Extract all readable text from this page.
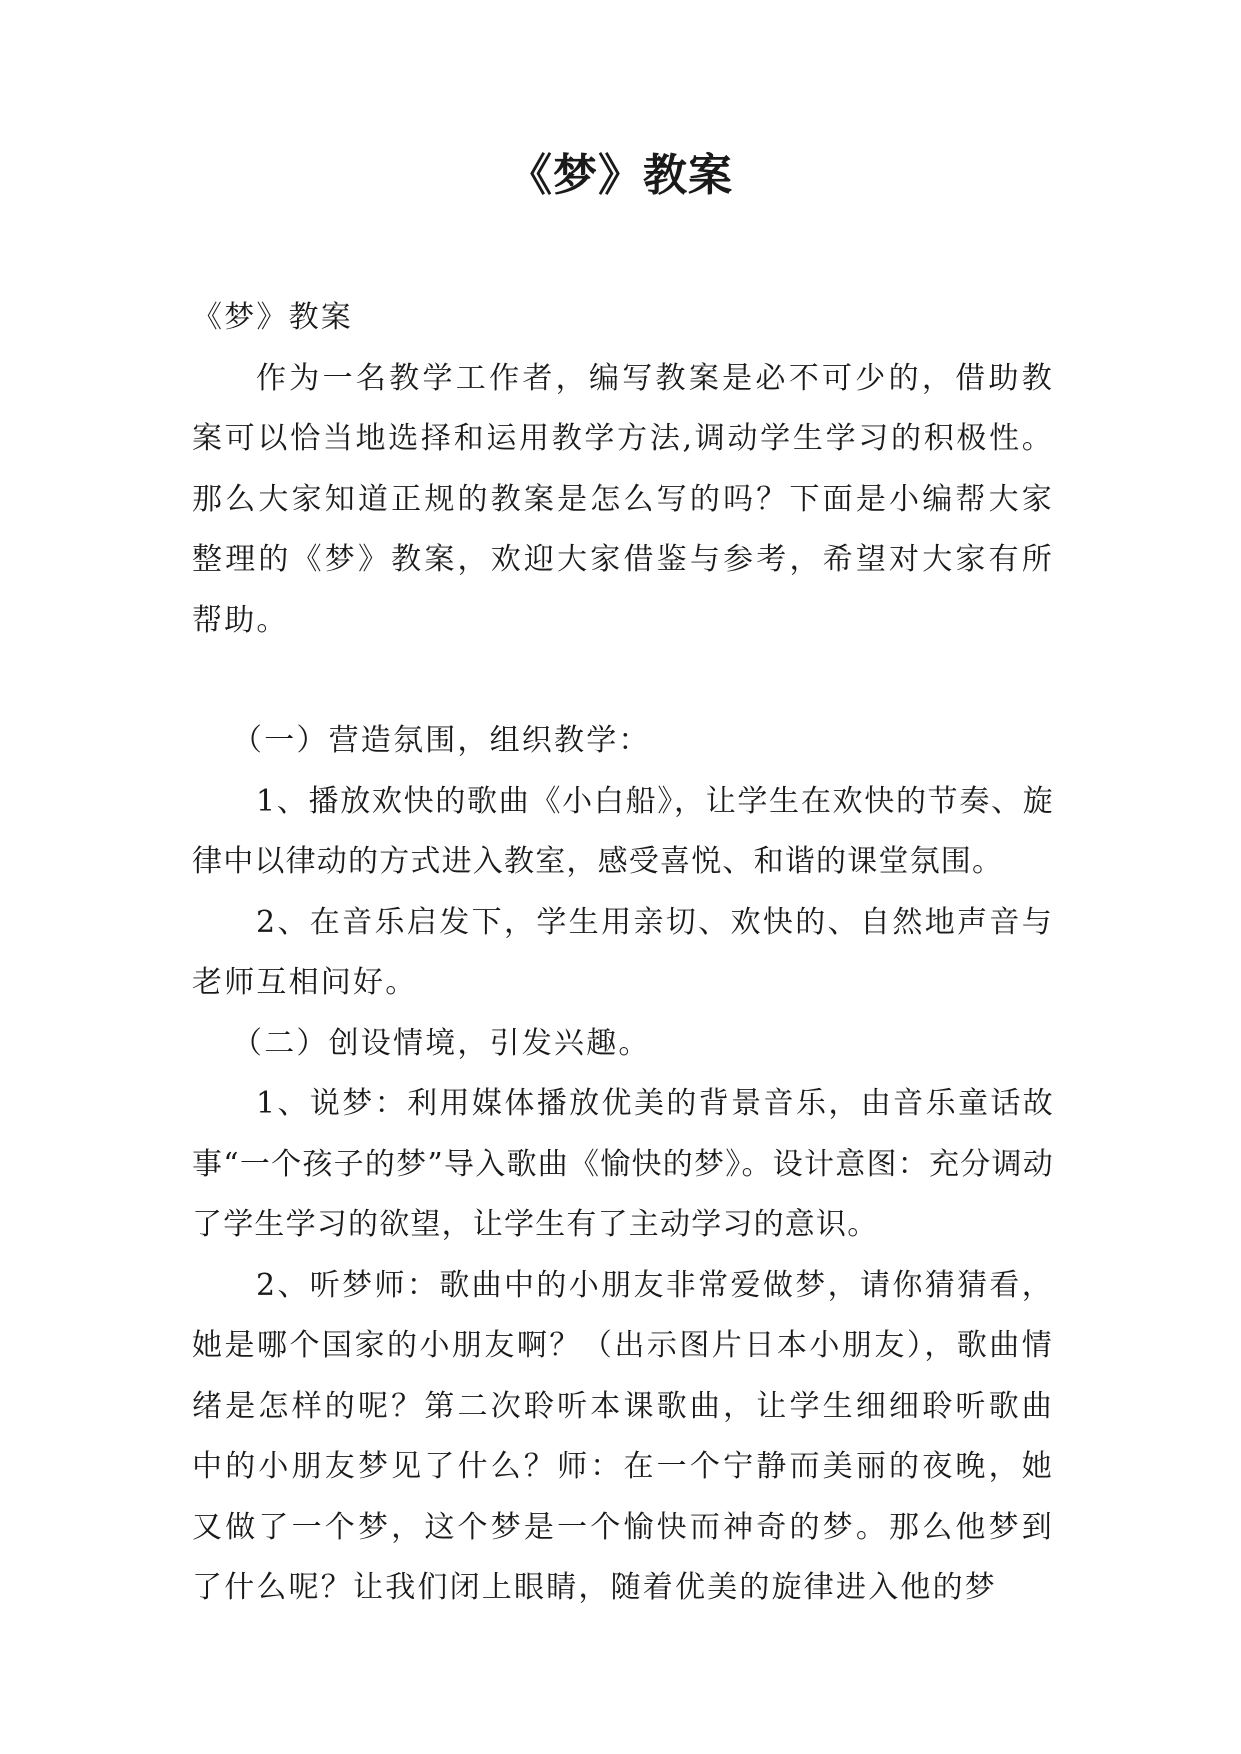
《梦》教案

《梦》教案

作为一名教学工作者，编写教案是必不可少的，借助教案可以恰当地选择和运用教学方法,调动学生学习的积极性。那么大家知道正规的教案是怎么写的吗？下面是小编帮大家整理的《梦》教案，欢迎大家借鉴与参考，希望对大家有所帮助。

（一）营造氛围，组织教学：

1、播放欢快的歌曲《小白船》，让学生在欢快的节奏、旋律中以律动的方式进入教室，感受喜悦、和谐的课堂氛围。

2、在音乐启发下，学生用亲切、欢快的、自然地声音与老师互相问好。

（二）创设情境，引发兴趣。

1、说梦：利用媒体播放优美的背景音乐，由音乐童话故事“一个孩子的梦”导入歌曲《愉快的梦》。设计意图：充分调动了学生学习的欲望，让学生有了主动学习的意识。

2、听梦师：歌曲中的小朋友非常爱做梦，请你猜猜看，她是哪个国家的小朋友啊？（出示图片日本小朋友），歌曲情绪是怎样的呢？第二次聆听本课歌曲，让学生细细聆听歌曲中的小朋友梦见了什么？师：在一个宁静而美丽的夜晚，她又做了一个梦，这个梦是一个愉快而神奇的梦。那么他梦到了什么呢？让我们闭上眼睛，随着优美的旋律进入他的梦
